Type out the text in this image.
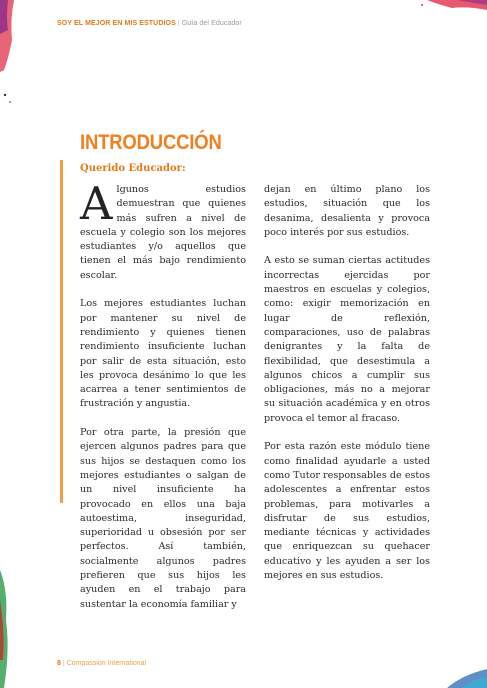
SOY EL MEJOR EN MIS ESTUDIOS | Guía del Educador
INTRODUCCIÓN
Querido Educador:

Algunos estudios demuestran que quienes más sufren a nivel de escuela y colegio son los mejores estudiantes y/o aquellos que tienen el más bajo rendimiento escolar.

Los mejores estudiantes luchan por mantener su nivel de rendimiento y quienes tienen rendimiento insuficiente luchan por salir de esta situación, esto les provoca desánimo lo que les acarrea a tener sentimientos de frustración y angustia.

Por otra parte, la presión que ejercen algunos padres para que sus hijos se destaquen como los mejores estudiantes o salgan de un nivel insuficiente ha provocado en ellos una baja autoestima, inseguridad, superioridad u obsesión por ser perfectos. Así también, socialmente algunos padres prefieren que sus hijos les ayuden en el trabajo para sustentar la economía familiar y

dejan en último plano los estudios, situación que los desanima, desalienta y provoca poco interés por sus estudios.

A esto se suman ciertas actitudes incorrectas ejercidas por maestros en escuelas y colegios, como: exigir memorización en lugar de reflexión, comparaciones, uso de palabras denigrantes y la falta de flexibilidad, que desestimula a algunos chicos a cumplir sus obligaciones, más no a mejorar su situación académica y en otros provoca el temor al fracaso.

Por esta razón este módulo tiene como finalidad ayudarle a usted como Tutor responsables de estos adolescentes a enfrentar estos problemas, para motivarles a disfrutar de sus estudios, mediante técnicas y actividades que enriquezcan su quehacer educativo y les ayuden a ser los mejores en sus estudios.

8 | Compassion International
